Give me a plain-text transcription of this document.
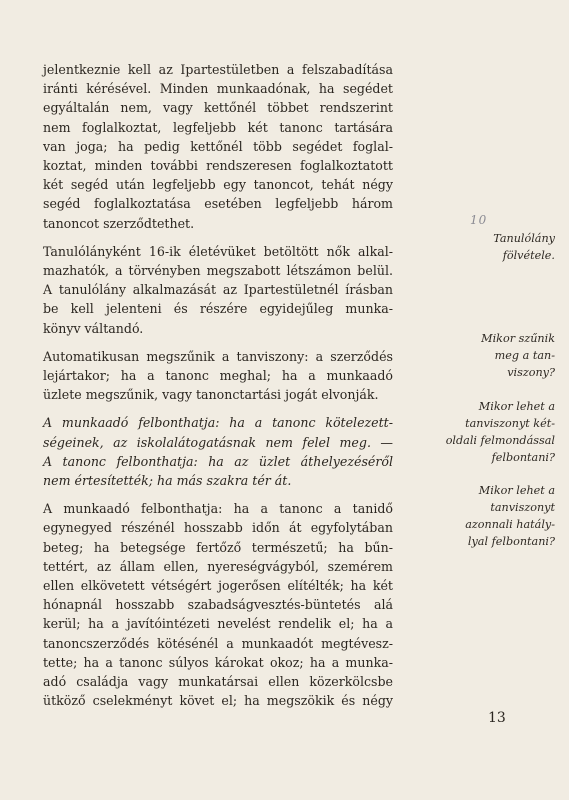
jelentkeznie kell az Ipartestületben a felszabadítása
iránti kérésével. Minden munkaadónak, ha segédet
egyáltalán nem, vagy kettőnél többet rendszerint
nem foglalkoztat, legfeljebb két tanonc tartására
van joga; ha pedig kettőnél több segédet foglal-
koztat, minden további rendszeresen foglalkoztatott
két segéd után legfeljebb egy tanoncot, tehát négy
segéd foglalkoztatása esetében legfeljebb három
tanoncot szerződtethet.

Tanulólányként 16-ik életévüket betöltött nők alkal-
mazhatók, a törvényben megszabott létszámon belül.
A tanulólány alkalmazását az Ipartestületnél írásban
be kell jelenteni és részére egyidejűleg munka-
könyv váltandó.

Automatikusan megszűnik a tanviszony: a szerződés
lejártakor; ha a tanonc meghal; ha a munkaadó
üzlete megszűnik, vagy tanonctartási jogát elvonják.

A munkaadó felbonthatja: ha a tanonc kötelezett-
ségeinek, az iskolalátogatásnak nem felel meg. —
A tanonc felbonthatja: ha az üzlet áthelyezéséről
nem értesítették; ha más szakra tér át.

A munkaadó felbonthatja: ha a tanonc a tanidő
egynegyed részénél hosszabb időn át egyfolytában
beteg; ha betegsége fertőző természetű; ha bűn-
tettért, az állam ellen, nyereségvágyból, szemérem
ellen elkövetett vétségért jogerősen elítélték; ha két
hónapnál hosszabb szabadságvesztés-büntetés alá
kerül; ha a javítóintézeti nevelést rendelik el; ha a
tanoncszerződés kötésénél a munkaadót megtévesz-
tette; ha a tanonc súlyos károkat okoz; ha a munka-
adó családja vagy munkatársai ellen közerkölcsbe
ütköző cselekményt követ el; ha megszökik és négy

10
Tanulólány
fölvétele.
Mikor szűnik
meg a tan-
viszony?
Mikor lehet a
tanviszonyt két-
oldali felmondással
felbontani?
Mikor lehet a
tanviszonyt
azonnali hatály-
lyal felbontani?
13
